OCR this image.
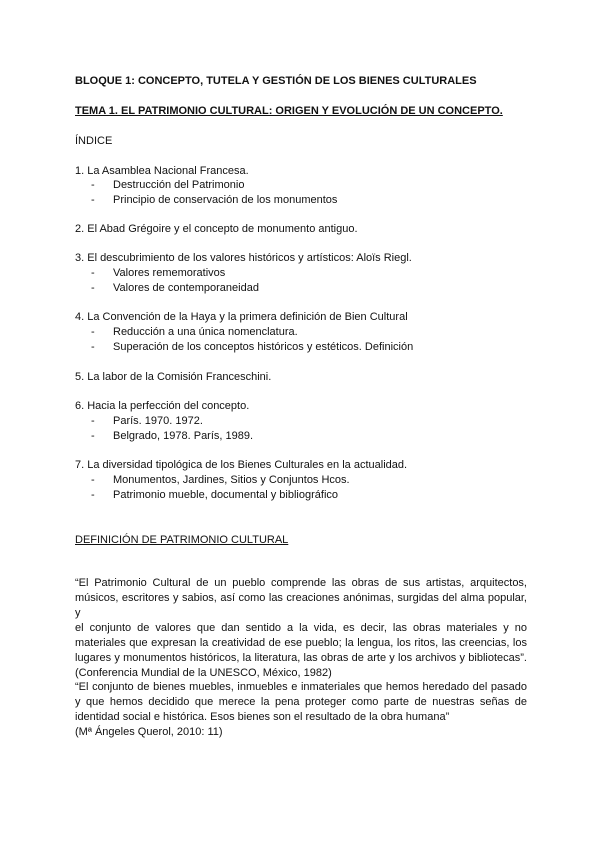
BLOQUE 1: CONCEPTO, TUTELA Y GESTIÓN DE LOS BIENES CULTURALES
TEMA 1. EL PATRIMONIO CULTURAL: ORIGEN Y EVOLUCIÓN DE UN CONCEPTO.
ÍNDICE
1. La Asamblea Nacional Francesa.
- Destrucción del Patrimonio
- Principio de conservación de los monumentos
2. El Abad Grégoire y el concepto de monumento antiguo.
3. El descubrimiento de los valores históricos y artísticos: Aloïs Riegl.
- Valores rememorativos
- Valores de contemporaneidad
4. La Convención de la Haya y la primera definición de Bien Cultural
- Reducción a una única nomenclatura.
- Superación de los conceptos históricos y estéticos. Definición
5. La labor de la Comisión Franceschini.
6. Hacia la perfección del concepto.
- París. 1970. 1972.
- Belgrado, 1978. París, 1989.
7. La diversidad tipológica de los Bienes Culturales en la actualidad.
- Monumentos, Jardines, Sitios y Conjuntos Hcos.
- Patrimonio mueble, documental y bibliográfico
DEFINICIÓN DE PATRIMONIO CULTURAL
“El Patrimonio Cultural de un pueblo comprende las obras de sus artistas, arquitectos,
músicos, escritores y sabios, así como las creaciones anónimas, surgidas del alma popular, y
el conjunto de valores que dan sentido a la vida, es decir, las obras materiales y no
materiales que expresan la creatividad de ese pueblo; la lengua, los ritos, las creencias, los
lugares y monumentos históricos, la literatura, las obras de arte y los archivos y bibliotecas”.
(Conferencia Mundial de la UNESCO, México, 1982)
“El conjunto de bienes muebles, inmuebles e inmateriales que hemos heredado del pasado
y que hemos decidido que merece la pena proteger como parte de nuestras señas de
identidad social e histórica. Esos bienes son el resultado de la obra humana”
(Mª Ángeles Querol, 2010: 11)
